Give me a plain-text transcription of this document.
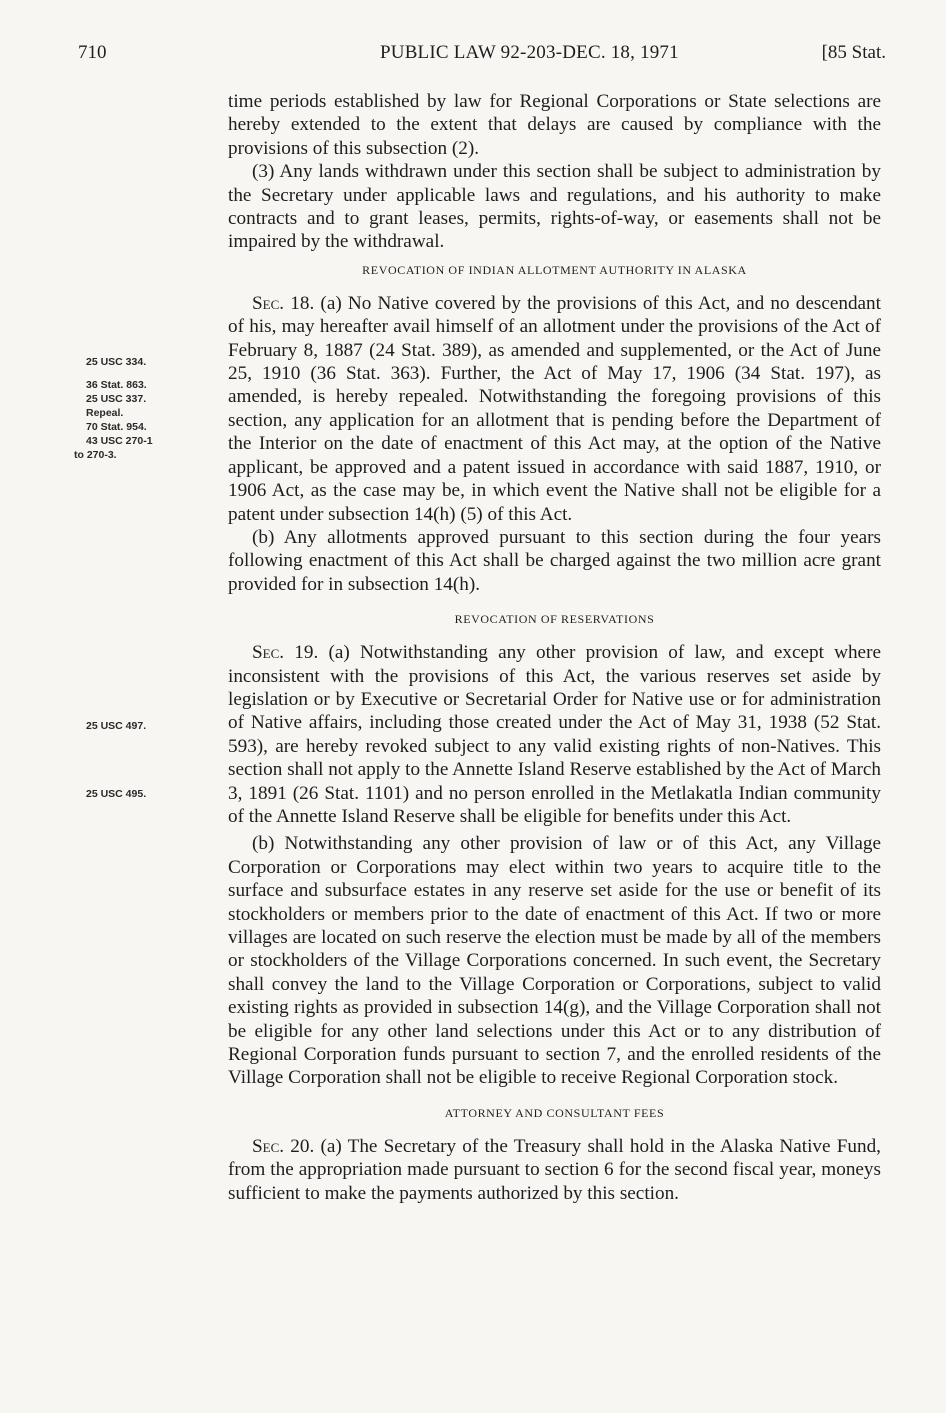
710	PUBLIC LAW 92-203-DEC. 18, 1971	[85 Stat.
25 USC 334.
36 Stat. 863.
25 USC 337.
Repeal.
70 Stat. 954.
43 USC 270-1
to 270-3.
25 USC 497.
25 USC 495.

time periods established by law for Regional Corporations or State selections are hereby extended to the extent that delays are caused by compliance with the provisions of this subsection (2).

(3) Any lands withdrawn under this section shall be subject to administration by the Secretary under applicable laws and regulations, and his authority to make contracts and to grant leases, permits, rights-of-way, or easements shall not be impaired by the withdrawal.

REVOCATION OF INDIAN ALLOTMENT AUTHORITY IN ALASKA

Sec. 18. (a) No Native covered by the provisions of this Act, and no descendant of his, may hereafter avail himself of an allotment under the provisions of the Act of February 8, 1887 (24 Stat. 389), as amended and supplemented, or the Act of June 25, 1910 (36 Stat. 363). Further, the Act of May 17, 1906 (34 Stat. 197), as amended, is hereby repealed. Notwithstanding the foregoing provisions of this section, any application for an allotment that is pending before the Department of the Interior on the date of enactment of this Act may, at the option of the Native applicant, be approved and a patent issued in accordance with said 1887, 1910, or 1906 Act, as the case may be, in which event the Native shall not be eligible for a patent under subsection 14(h) (5) of this Act.

(b) Any allotments approved pursuant to this section during the four years following enactment of this Act shall be charged against the two million acre grant provided for in subsection 14(h).

REVOCATION OF RESERVATIONS

Sec. 19. (a) Notwithstanding any other provision of law, and except where inconsistent with the provisions of this Act, the various reserves set aside by legislation or by Executive or Secretarial Order for Native use or for administration of Native affairs, including those created under the Act of May 31, 1938 (52 Stat. 593), are hereby revoked subject to any valid existing rights of non-Natives. This section shall not apply to the Annette Island Reserve established by the Act of March 3, 1891 (26 Stat. 1101) and no person enrolled in the Metlakatla Indian community of the Annette Island Reserve shall be eligible for benefits under this Act.

(b) Notwithstanding any other provision of law or of this Act, any Village Corporation or Corporations may elect within two years to acquire title to the surface and subsurface estates in any reserve set aside for the use or benefit of its stockholders or members prior to the date of enactment of this Act. If two or more villages are located on such reserve the election must be made by all of the members or stockholders of the Village Corporations concerned. In such event, the Secretary shall convey the land to the Village Corporation or Corporations, subject to valid existing rights as provided in subsection 14(g), and the Village Corporation shall not be eligible for any other land selections under this Act or to any distribution of Regional Corporation funds pursuant to section 7, and the enrolled residents of the Village Corporation shall not be eligible to receive Regional Corporation stock.

ATTORNEY AND CONSULTANT FEES

Sec. 20. (a) The Secretary of the Treasury shall hold in the Alaska Native Fund, from the appropriation made pursuant to section 6 for the second fiscal year, moneys sufficient to make the payments authorized by this section.
